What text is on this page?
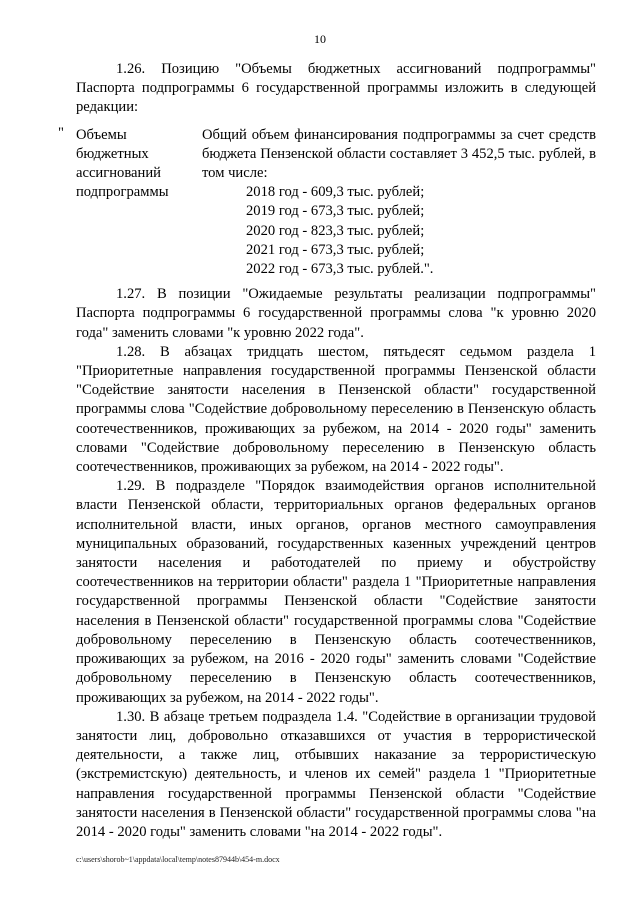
10

1.26. Позицию "Объемы бюджетных ассигнований подпрограммы" Паспорта подпрограммы 6 государственной программы изложить в следующей редакции:

" Объемы
бюджетных
ассигнований
подпрограммы
Общий объем финансирования подпрограммы за счет средств бюджета Пензенской области составляет 3 452,5 тыс. рублей, в том числе:
2018 год - 609,3 тыс. рублей;
2019 год - 673,3 тыс. рублей;
2020 год - 823,3 тыс. рублей;
2021 год - 673,3 тыс. рублей;
2022 год - 673,3 тыс. рублей.".

1.27. В позиции "Ожидаемые результаты реализации подпрограммы" Паспорта подпрограммы 6 государственной программы слова "к уровню 2020 года" заменить словами "к уровню 2022 года".

1.28. В абзацах тридцать шестом, пятьдесят седьмом раздела 1 "Приоритетные направления государственной программы Пензенской области "Содействие занятости населения в Пензенской области" государственной программы слова "Содействие добровольному переселению в Пензенскую область соотечественников, проживающих за рубежом, на 2014 - 2020 годы" заменить словами "Содействие добровольному переселению в Пензенскую область соотечественников, проживающих за рубежом, на 2014 - 2022 годы".

1.29. В подразделе "Порядок взаимодействия органов исполнительной власти Пензенской области, территориальных органов федеральных органов исполнительной власти, иных органов, органов местного самоуправления муниципальных образований, государственных казенных учреждений центров занятости населения и работодателей по приему и обустройству соотечественников на территории области" раздела 1 "Приоритетные направления государственной программы Пензенской области "Содействие занятости населения в Пензенской области" государственной программы слова "Содействие добровольному переселению в Пензенскую область соотечественников, проживающих за рубежом, на 2016 - 2020 годы" заменить словами "Содействие добровольному переселению в Пензенскую область соотечественников, проживающих за рубежом, на 2014 - 2022 годы".

1.30. В абзаце третьем подраздела 1.4. "Содействие в организации трудовой занятости лиц, добровольно отказавшихся от участия в террористической деятельности, а также лиц, отбывших наказание за террористическую (экстремистскую) деятельность, и членов их семей" раздела 1 "Приоритетные направления государственной программы Пензенской области "Содействие занятости населения в Пензенской области" государственной программы слова "на 2014 - 2020 годы" заменить словами "на 2014 - 2022 годы".

c:\users\shorob~1\appdata\local\temp\notes87944b\454-m.docx
